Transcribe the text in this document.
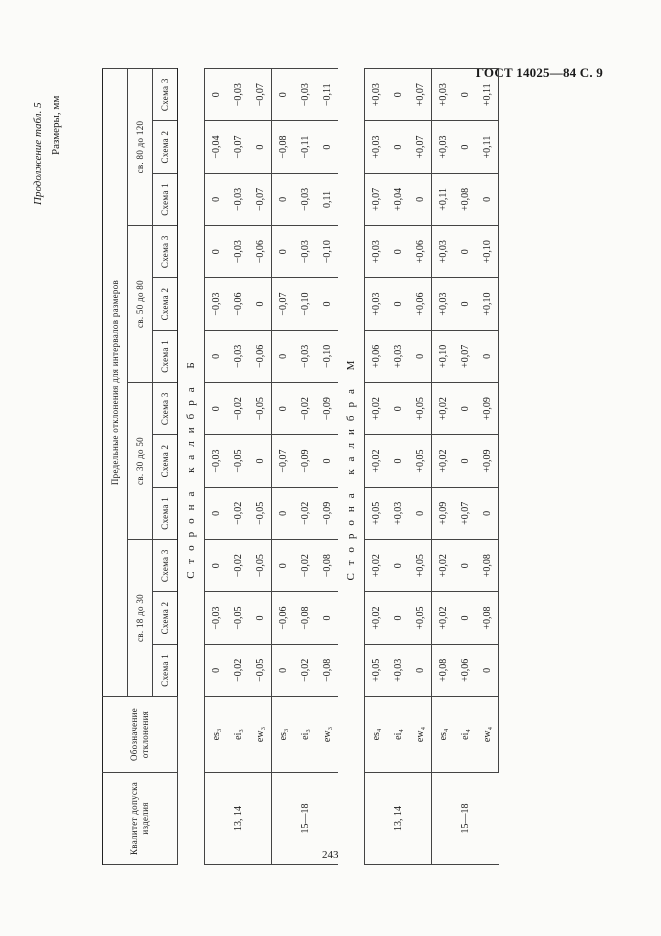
ГОСТ 14025—84 С. 9
Продолжение табл. 5 Размеры, мм
Квалитет допуска изделия	Обозначение отклонения	Предельные отклонения для интервалов размеров											
		св. 18 до 30			св. 30 до 50			св. 50 до 80			св. 80 до 120		
		Схема 1	Схема 2	Схема 3	Схема 1	Схема 2	Схема 3	Схема 1	Схема 2	Схема 3	Схема 1	Схема 2	Схема 3
Сторона калибра Б													
13, 14	es₃	0	−0,03	0	0	−0,03	0	0	−0,03	0	0	−0,04	0
	ei₃	−0,02	−0,05	−0,02	−0,02	−0,05	−0,02	−0,03	−0,06	−0,03	−0,03	−0,07	−0,03
	ew₃	−0,05	0	−0,05	−0,05	0	−0,05	−0,06	0	−0,06	−0,07	0	−0,07
15—18	es₃	0	−0,06	0	0	−0,07	0	0	−0,07	0	0	−0,08	0
	ei₃	−0,02	−0,08	−0,02	−0,02	−0,09	−0,02	−0,03	−0,10	−0,03	−0,03	−0,11	−0,03
	ew₃	−0,08	0	−0,08	−0,09	0	−0,09	−0,10	0	−0,10	0,11	0	−0,11
Сторона калибра М													
13, 14	es₄	+0,05	+0,02	+0,02	+0,05	+0,02	+0,02	+0,06	+0,03	+0,03	+0,07	+0,03	+0,03
	ei₄	+0,03	0	0	+0,03	0	0	+0,03	0	0	+0,04	0	0
	ew₄	0	+0,05	+0,05	0	+0,05	+0,05	0	+0,06	+0,06	0	+0,07	+0,07
15—18	es₄	+0,08	+0,02	+0,02	+0,09	+0,02	+0,02	+0,10	+0,03	+0,03	+0,11	+0,03	+0,03
	ei₄	+0,06	0	0	+0,07	0	0	+0,07	0	0	+0,08	0	0
	ew₄	0	+0,08	+0,08	0	+0,09	+0,09	0	+0,10	+0,10	0	+0,11	+0,11
243
